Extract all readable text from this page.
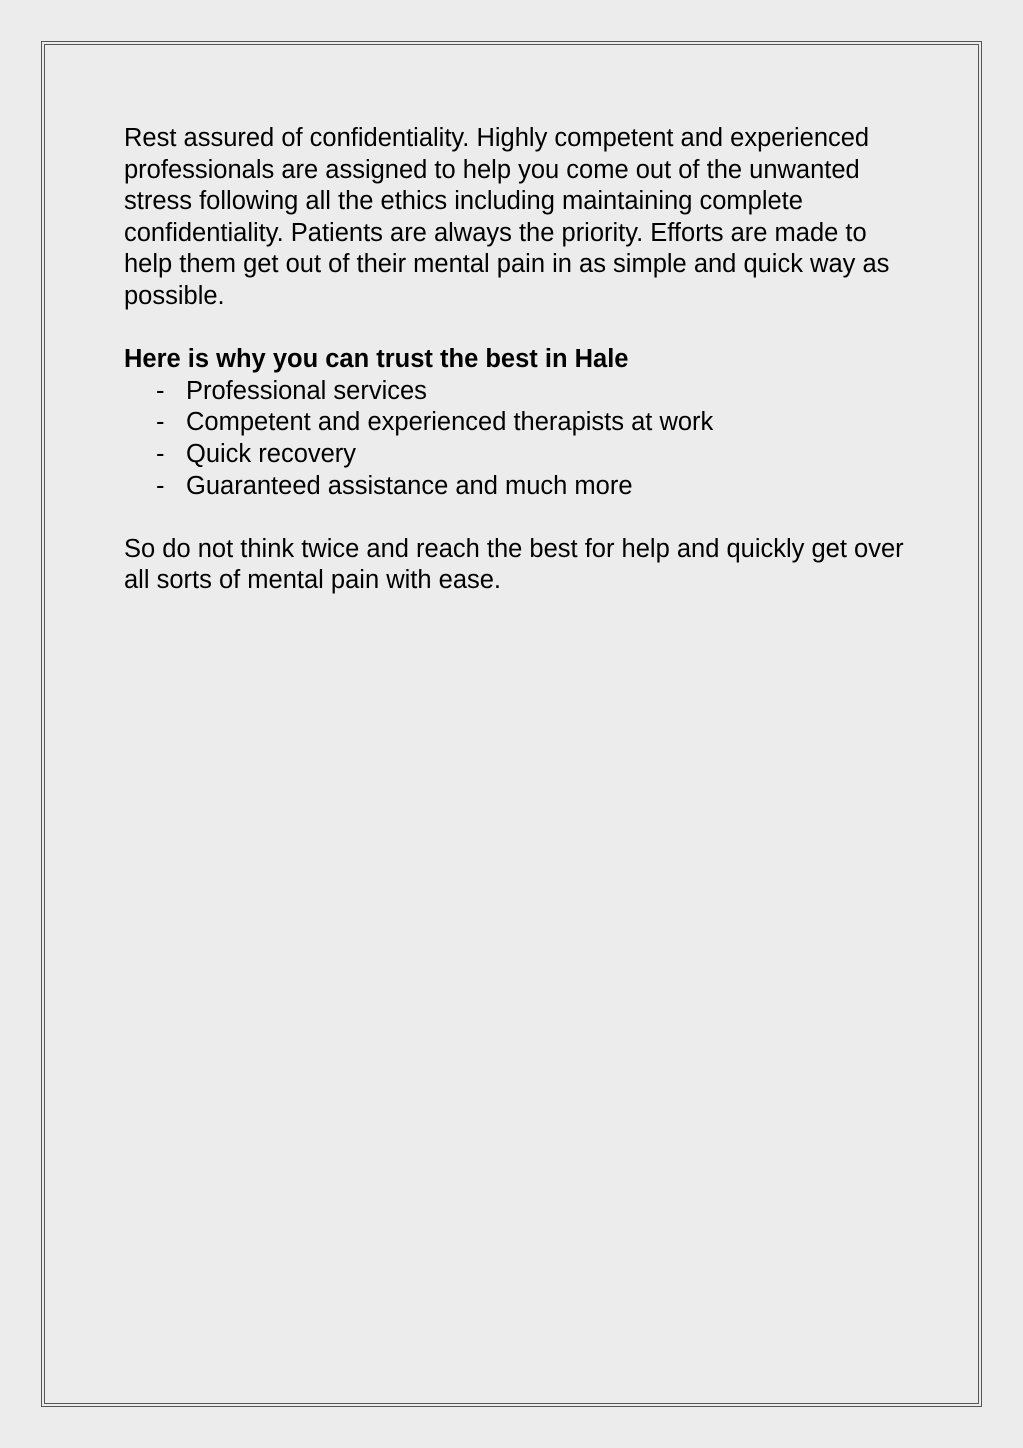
Rest assured of confidentiality. Highly competent and experienced professionals are assigned to help you come out of the unwanted stress following all the ethics including maintaining complete confidentiality. Patients are always the priority. Efforts are made to help them get out of their mental pain in as simple and quick way as possible.

Here is why you can trust the best in Hale

- Professional services
- Competent and experienced therapists at work
- Quick recovery
- Guaranteed assistance and much more

So do not think twice and reach the best for help and quickly get over all sorts of mental pain with ease.
